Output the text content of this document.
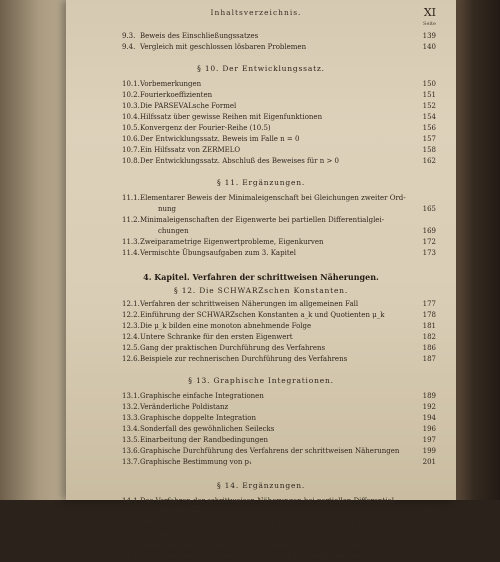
Inhaltsverzeichnis.	XI
Seite
9.3. Beweis des Einschließungssatzes	139
9.4. Vergleich mit geschlossen lösbaren Problemen	140
§ 10. Der Entwicklungssatz.
10.1. Vorbemerkungen	150
10.2. Fourierkoeffizienten	151
10.3. Die PARSEVALsche Formel	152
10.4. Hilfssatz über gewisse Reihen mit Eigenfunktionen	154
10.5. Konvergenz der Fourier-Reihe (10.5)	156
10.6. Der Entwicklungssatz. Beweis im Falle n = 0	157
10.7. Ein Hilfssatz von ZERMELO	158
10.8. Der Entwicklungssatz. Abschluß des Beweises für n > 0	162
§ 11. Ergänzungen.
11.1. Elementarer Beweis der Minimaleigenschaft bei Gleichungen zweiter Ord-
nung	165
11.2. Minimaleigenschaften der Eigenwerte bei partiellen Differentialglei-
chungen	169
11.3. Zweiparametrige Eigenwertprobleme, Eigenkurven	172
11.4. Vermischte Übungsaufgaben zum 3. Kapitel	173
4. Kapitel. Verfahren der schrittweisen Näherungen.
§ 12. Die SCHWARZschen Konstanten.
12.1. Verfahren der schrittweisen Näherungen im allgemeinen Fall	177
12.2. Einführung der SCHWARZschen Konstanten a_k und Quotienten μ_k	178
12.3. Die μ_k bilden eine monoton abnehmende Folge	181
12.4. Untere Schranke für den ersten Eigenwert	182
12.5. Gang der praktischen Durchführung des Verfahrens	186
12.6. Beispiele zur rechnerischen Durchführung des Verfahrens	187
§ 13. Graphische Integrationen.
13.1. Graphische einfache Integrationen	189
13.2. Veränderliche Poldistanz	192
13.3. Graphische doppelte Integration	194
13.4. Sonderfall des gewöhnlichen Seilecks	196
13.5. Einarbeitung der Randbedingungen	197
13.6. Graphische Durchführung des Verfahrens der schrittweisen Näherungen	199
13.7. Graphische Bestimmung von p₁	201
§ 14. Ergänzungen.
14.1. Das Verfahren der schrittweisen Näherungen bei partiellen Differential-
gleichungen	206
14.2. Der Einschließungssatz von KRYLOFF-BOGOLIUBOV für die Eingliedklasse
klasse	208
14.3. Beweis der Hauptformel (12.19) mit Hilfe des Entwicklungssatzes	210
14.4. Konvergenz des Iterationsverfahrens bei Randwertproblemen	213
